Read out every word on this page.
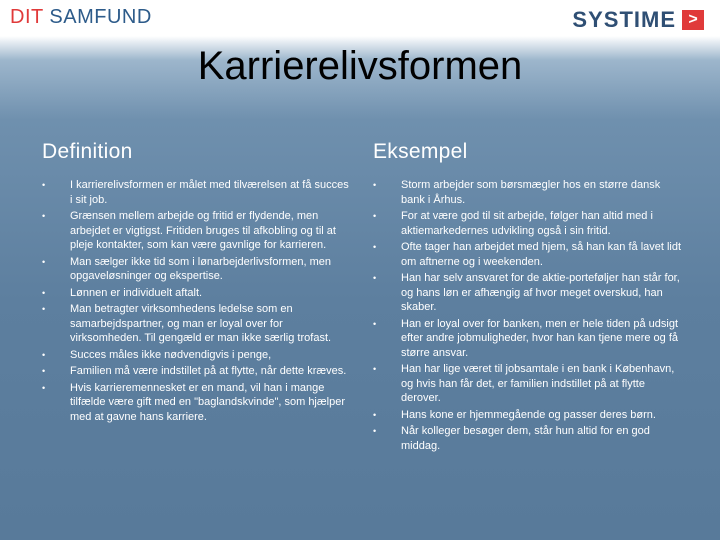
DIT SAMFUND	SYSTIME >
Karrierelivsformen
Definition
• I karrierelivsformen er målet med tilværelsen at få succes i sit job.
• Grænsen mellem arbejde og fritid er flydende, men arbejdet er vigtigst. Fritiden bruges til afkobling og til at pleje kontakter, som kan være gavnlige for karrieren.
• Man sælger ikke tid som i lønarbejderlivsformen, men opgaveløsninger og ekspertise.
• Lønnen er individuelt aftalt.
• Man betragter virksomhedens ledelse som en samarbejdspartner, og man er loyal over for virksomheden. Til gengæld er man ikke særlig trofast.
• Succes måles ikke nødvendigvis i penge,
• Familien må være indstillet på at flytte, når dette kræves.
• Hvis karrieremennesket er en mand, vil han i mange tilfælde være gift med en "baglandskvinde", som hjælper med at gavne hans karriere.
Eksempel
• Storm arbejder som børsmægler hos en større dansk bank i Århus.
• For at være god til sit arbejde, følger han altid med i aktiemarkedernes udvikling også i sin fritid.
• Ofte tager han arbejdet med hjem, så han kan få lavet lidt om aftnerne og i weekenden.
• Han har selv ansvaret for de aktie-porteføljer han står for, og hans løn er afhængig af hvor meget overskud, han skaber.
• Han er loyal over for banken, men er hele tiden på udsigt efter andre jobmuligheder, hvor han kan tjene mere og få større ansvar.
• Han har lige været til jobsamtale i en bank i København, og hvis han får det, er familien indstillet på at flytte derover.
• Hans kone er hjemmegående og passer deres børn.
• Når kolleger besøger dem, står hun altid for en god middag.
